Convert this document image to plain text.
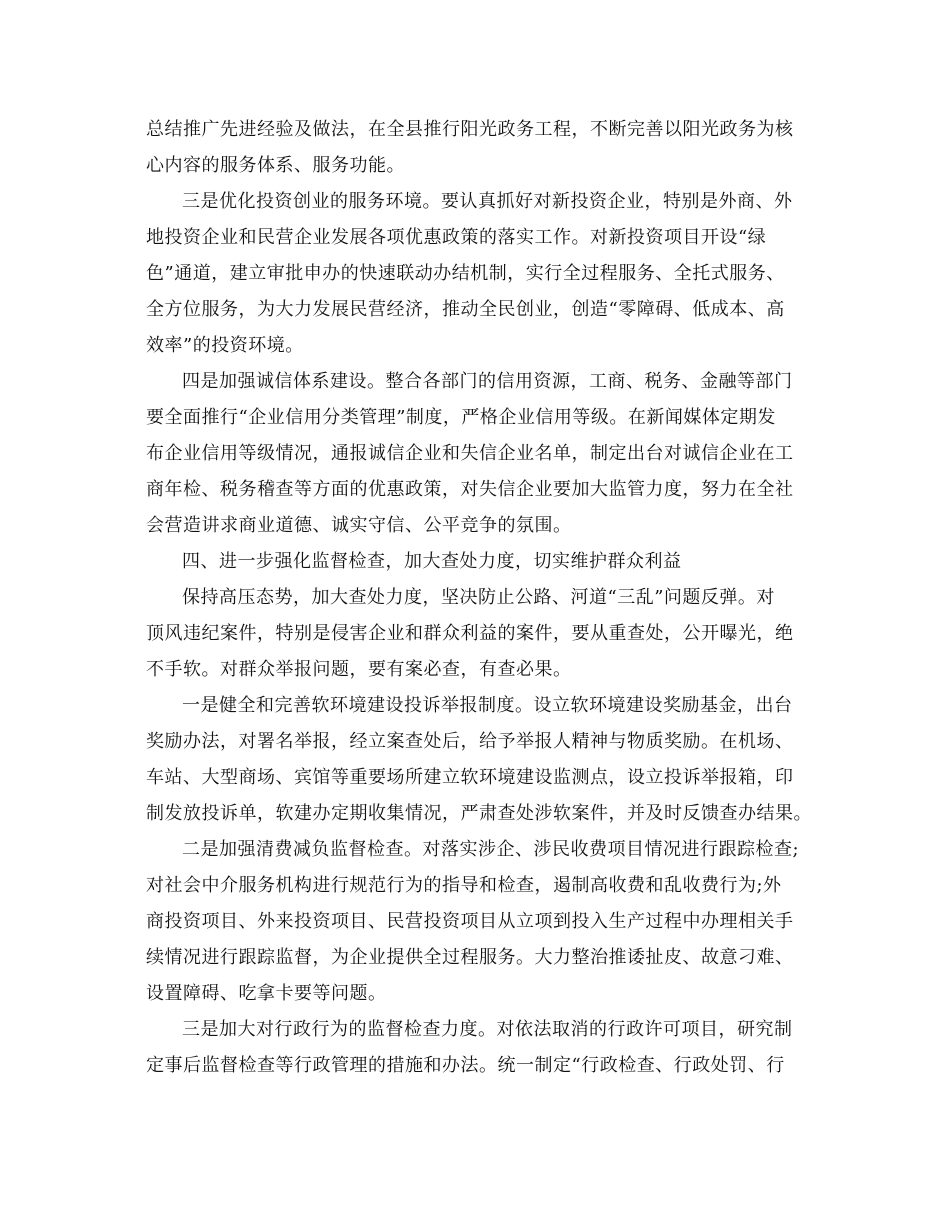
总结推广先进经验及做法，在全县推行阳光政务工程，不断完善以阳光政务为核
心内容的服务体系、服务功能。
三是优化投资创业的服务环境。要认真抓好对新投资企业，特别是外商、外
地投资企业和民营企业发展各项优惠政策的落实工作。对新投资项目开设“绿
色”通道，建立审批申办的快速联动办结机制，实行全过程服务、全托式服务、
全方位服务，为大力发展民营经济，推动全民创业，创造“零障碍、低成本、高
效率”的投资环境。
四是加强诚信体系建设。整合各部门的信用资源，工商、税务、金融等部门
要全面推行“企业信用分类管理”制度，严格企业信用等级。在新闻媒体定期发
布企业信用等级情况，通报诚信企业和失信企业名单，制定出台对诚信企业在工
商年检、税务稽查等方面的优惠政策，对失信企业要加大监管力度，努力在全社
会营造讲求商业道德、诚实守信、公平竞争的氛围。
四、进一步强化监督检查，加大查处力度，切实维护群众利益
保持高压态势，加大查处力度，坚决防止公路、河道“三乱”问题反弹。对
顶风违纪案件，特别是侵害企业和群众利益的案件，要从重查处，公开曝光，绝
不手软。对群众举报问题，要有案必查，有查必果。
一是健全和完善软环境建设投诉举报制度。设立软环境建设奖励基金，出台
奖励办法，对署名举报，经立案查处后，给予举报人精神与物质奖励。在机场、
车站、大型商场、宾馆等重要场所建立软环境建设监测点，设立投诉举报箱，印
制发放投诉单，软建办定期收集情况，严肃查处涉软案件，并及时反馈查办结果。
二是加强清费减负监督检查。对落实涉企、涉民收费项目情况进行跟踪检查;
对社会中介服务机构进行规范行为的指导和检查，遏制高收费和乱收费行为;外
商投资项目、外来投资项目、民营投资项目从立项到投入生产过程中办理相关手
续情况进行跟踪监督，为企业提供全过程服务。大力整治推诿扯皮、故意刁难、
设置障碍、吃拿卡要等问题。
三是加大对行政行为的监督检查力度。对依法取消的行政许可项目，研究制
定事后监督检查等行政管理的措施和办法。统一制定“行政检查、行政处罚、行
